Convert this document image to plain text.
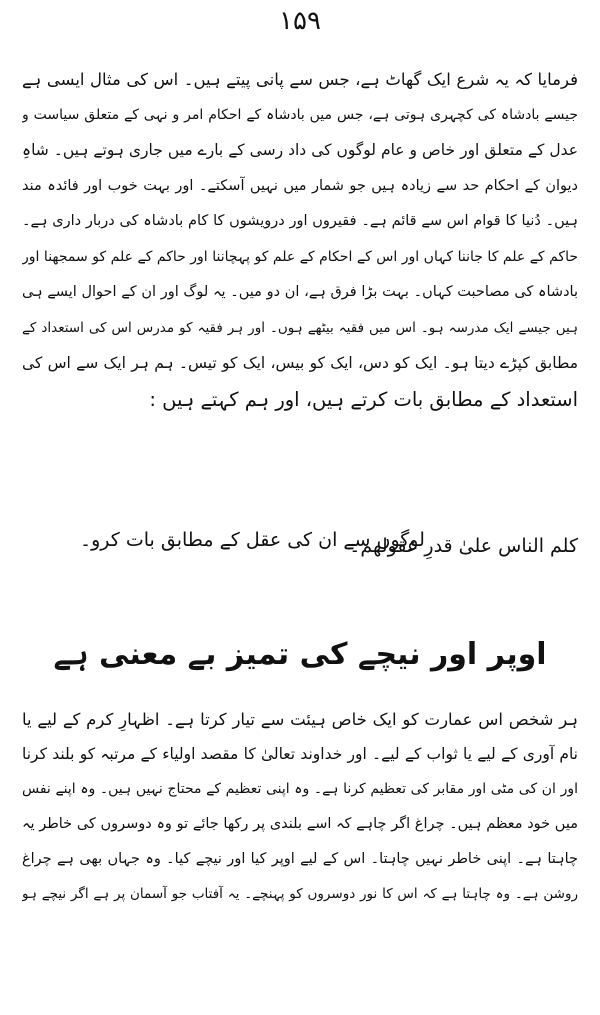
۱۵۹
فرمایا کہ یہ شرع ایک گھاٹ ہے، جس سے پانی پیتے ہیں۔ اس کی مثال ایسی ہے
جیسے بادشاہ کی کچہری ہوتی ہے، جس میں بادشاہ کے احکام امر و نہی کے متعلق سیاست و
عدل کے متعلق اور خاص و عام لوگوں کی داد رسی کے بارے میں جاری ہوتے ہیں۔ شاہِ
دیوان کے احکام حد سے زیادہ ہیں جو شمار میں نہیں آسکتے۔ اور بہت خوب اور فائدہ مند
ہیں۔ دُنیا کا قوام اس سے قائم ہے۔ فقیروں اور درویشوں کا کام بادشاہ کی دربار داری ہے۔
حاکم کے علم کا جاننا کہاں اور اس کے احکام کے علم کو پہچاننا اور حاکم کے علم کو سمجھنا اور
بادشاہ کی مصاحبت کہاں۔ بہت بڑا فرق ہے، ان دو میں۔ یہ لوگ اور ان کے احوال ایسے ہی
ہیں جیسے ایک مدرسہ ہو۔ اس میں فقیہ بیٹھے ہوں۔ اور ہر فقیہ کو مدرس اس کی استعداد کے
مطابق کپڑے دیتا ہو۔ ایک کو دس، ایک کو بیس، ایک کو تیس۔ ہم ہر ایک سے اس کی
استعداد کے مطابق بات کرتے ہیں، اور ہم کہتے ہیں :
کلم الناس علیٰ قدرِ عقولھم۔
لوگوں سے ان کی عقل کے مطابق بات کرو۔
اوپر اور نیچے کی تمیز بے معنی ہے
ہر شخص اس عمارت کو ایک خاص ہیئت سے تیار کرتا ہے۔ اظہارِ کرم کے لیے یا
نام آوری کے لیے یا ثواب کے لیے۔ اور خداوند تعالیٰ کا مقصد اولیاء کے مرتبہ کو بلند کرنا
اور ان کی مٹی اور مقابر کی تعظیم کرنا ہے۔ وہ اپنی تعظیم کے محتاج نہیں ہیں۔ وہ اپنے نفس
میں خود معظم ہیں۔ چراغ اگر چاہے کہ اسے بلندی پر رکھا جائے تو وہ دوسروں کی خاطر یہ
چاہتا ہے۔ اپنی خاطر نہیں چاہتا۔ اس کے لیے اوپر کیا اور نیچے کیا۔ وہ جہاں بھی ہے چراغ
روشن ہے۔ وہ چاہتا ہے کہ اس کا نور دوسروں کو پہنچے۔ یہ آفتاب جو آسمان پر ہے اگر نیچے ہو
